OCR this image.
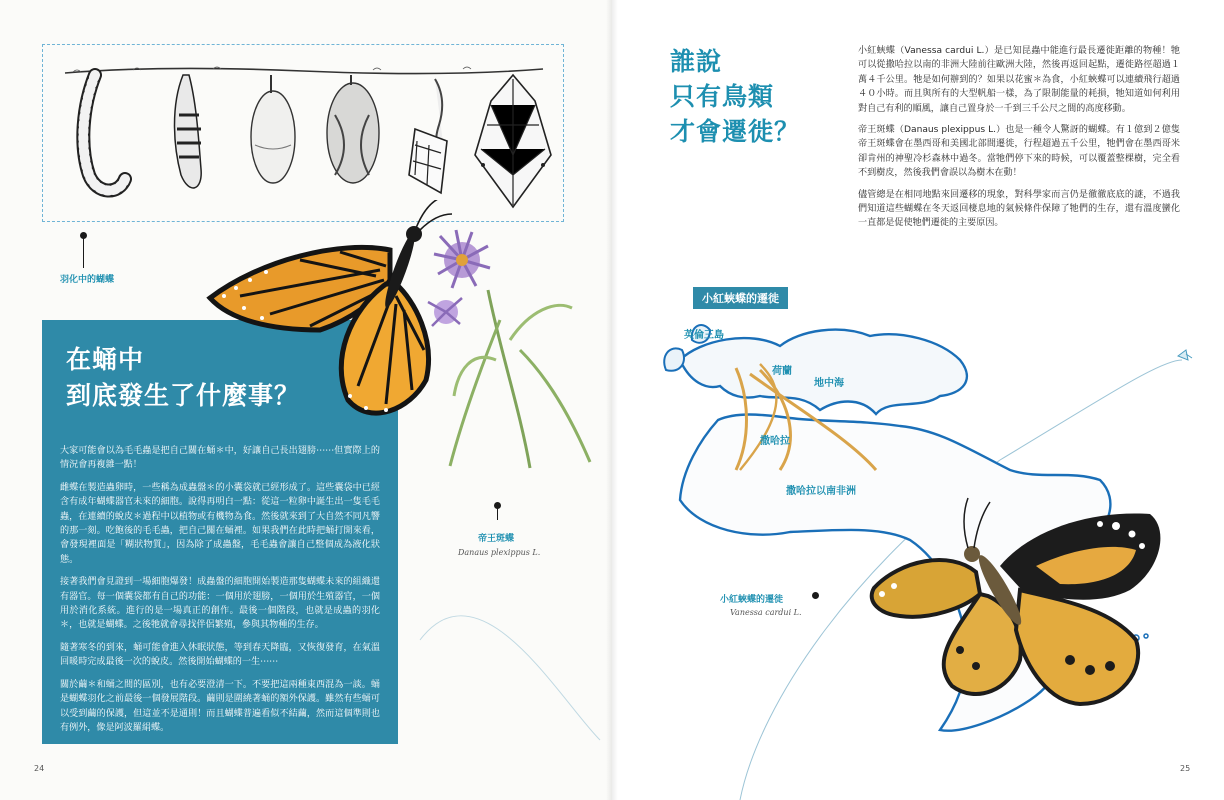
羽化中的蝴蝶
在蛹中
到底發生了什麼事？

大家可能會以為毛毛蟲是把自己關在蛹＊中，好讓自己長出翅膀⋯⋯但實際上的情況會再複雜一點！

雌蝶在製造蟲卵時，一些稱為成蟲盤＊的小囊袋就已經形成了。這些囊袋中已經含有成年蝴蝶器官未來的細胞。說得再明白一點：從這一粒卵中誕生出一隻毛毛蟲，在連續的蛻皮＊過程中以植物或有機物為食。然後就來到了大自然不同凡響的那一刻。吃飽後的毛毛蟲，把自己關在蛹裡。如果我們在此時把蛹打開來看，會發現裡面是「糊狀物質」，因為除了成蟲盤，毛毛蟲會讓自己整個成為液化狀態。

接著我們會見證到一場細胞爆發！成蟲盤的細胞開始製造那隻蝴蝶未來的組織還有器官。每一個囊袋都有自己的功能：一個用於翅膀，一個用於生殖器官，一個用於消化系統。進行的是一場真正的創作。最後一個階段，也就是成蟲的羽化＊，也就是蝴蝶。之後牠就會尋找伴侶繁殖，參與其物種的生存。

隨著寒冬的到來，蛹可能會進入休眠狀態，等到春天降臨，又恢復發育，在氣溫回暖時完成最後一次的蛻皮。然後開始蝴蝶的一生⋯⋯

關於繭＊和蛹之間的區別，也有必要澄清一下。不要把這兩種東西混為一談。蛹是蝴蝶羽化之前最後一個發展階段。繭則是圍繞著蛹的額外保護。雖然有些蛹可以受到繭的保護，但這並不是通則！而且蝴蝶普遍看似不結繭，然而這個準則也有例外，像是阿波羅絹蝶。

帝王斑蝶
Danaus plexippus L.
24
誰說
只有鳥類
才會遷徙？

小紅蛺蝶（Vanessa cardui L.）是已知昆蟲中能進行最長遷徙距離的物種！牠可以從撒哈拉以南的非洲大陸前往歐洲大陸，然後再返回起點，遷徙路徑超過１萬４千公里。牠是如何辦到的？如果以花蜜＊為食，小紅蛺蝶可以連續飛行超過４０小時。而且與所有的大型帆船一樣，為了限制能量的耗損，牠知道如何利用對自己有利的順風，讓自己置身於一千到三千公尺之間的高度移動。

帝王斑蝶（Danaus plexippus L.）也是一種令人驚訝的蝴蝶。有１億到２億隻帝王斑蝶會在墨西哥和美國北部間遷徙，行程超過五千公里，牠們會在墨西哥米卻肯州的神聖冷杉森林中過冬。當牠們停下來的時候，可以覆蓋整棵樹，完全看不到樹皮，然後我們會誤以為樹木在動！

儘管總是在相同地點來回遷移的現象，對科學家而言仍是徹徹底底的謎，不過我們知道這些蝴蝶在冬天返回棲息地的氣候條件保障了牠們的生存，還有溫度蠻化一直都是促使牠們遷徙的主要原因。

小紅蛺蝶的遷徙
英倫三島
荷蘭
地中海
撒哈拉
撒哈拉以南非洲
小紅蛺蝶的遷徙
Vanessa cardui L.
25
